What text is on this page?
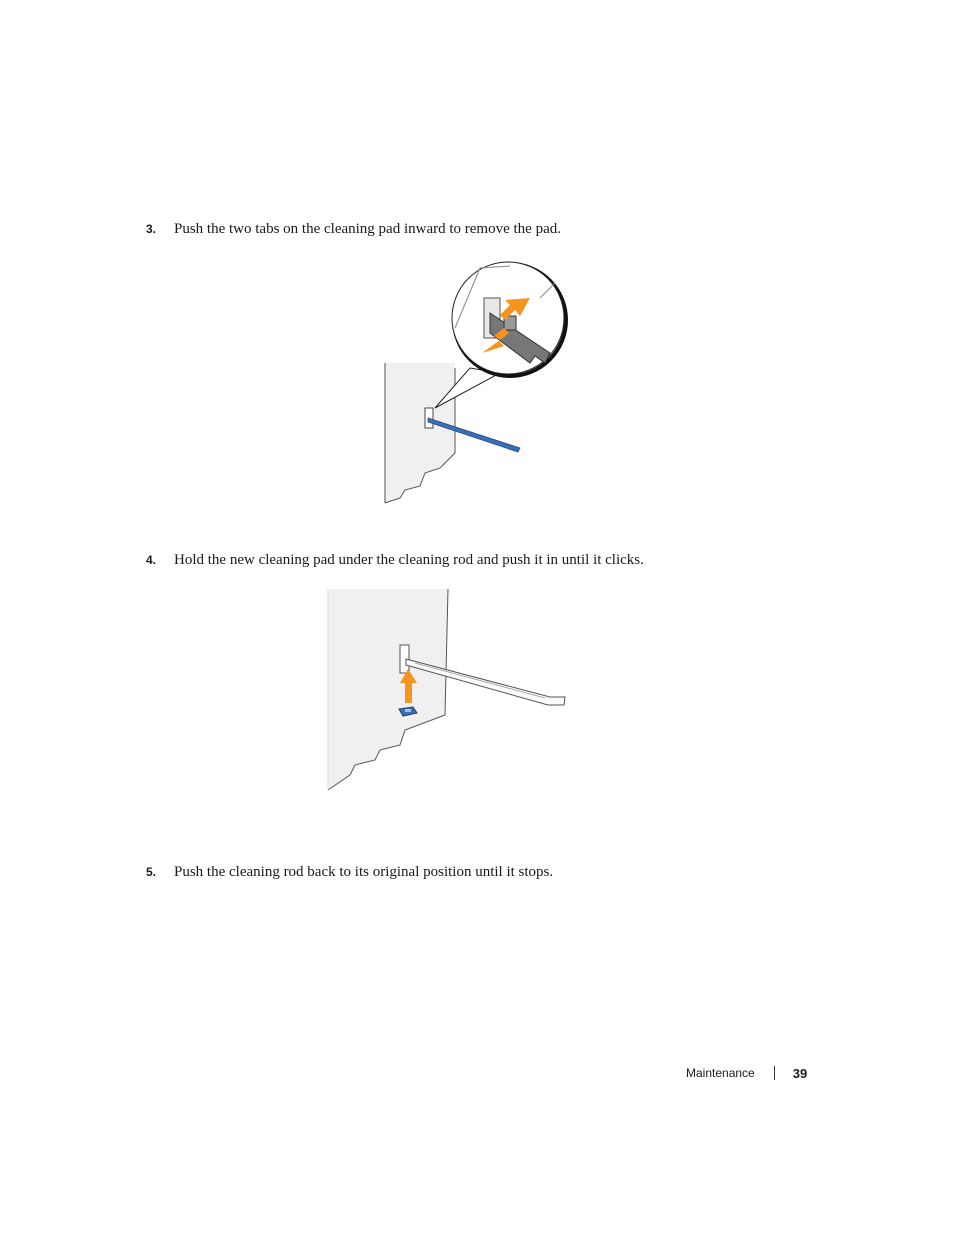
3. Push the two tabs on the cleaning pad inward to remove the pad.
4. Hold the new cleaning pad under the cleaning rod and push it in until it clicks.
5. Push the cleaning rod back to its original position until it stops.
Maintenance	39
